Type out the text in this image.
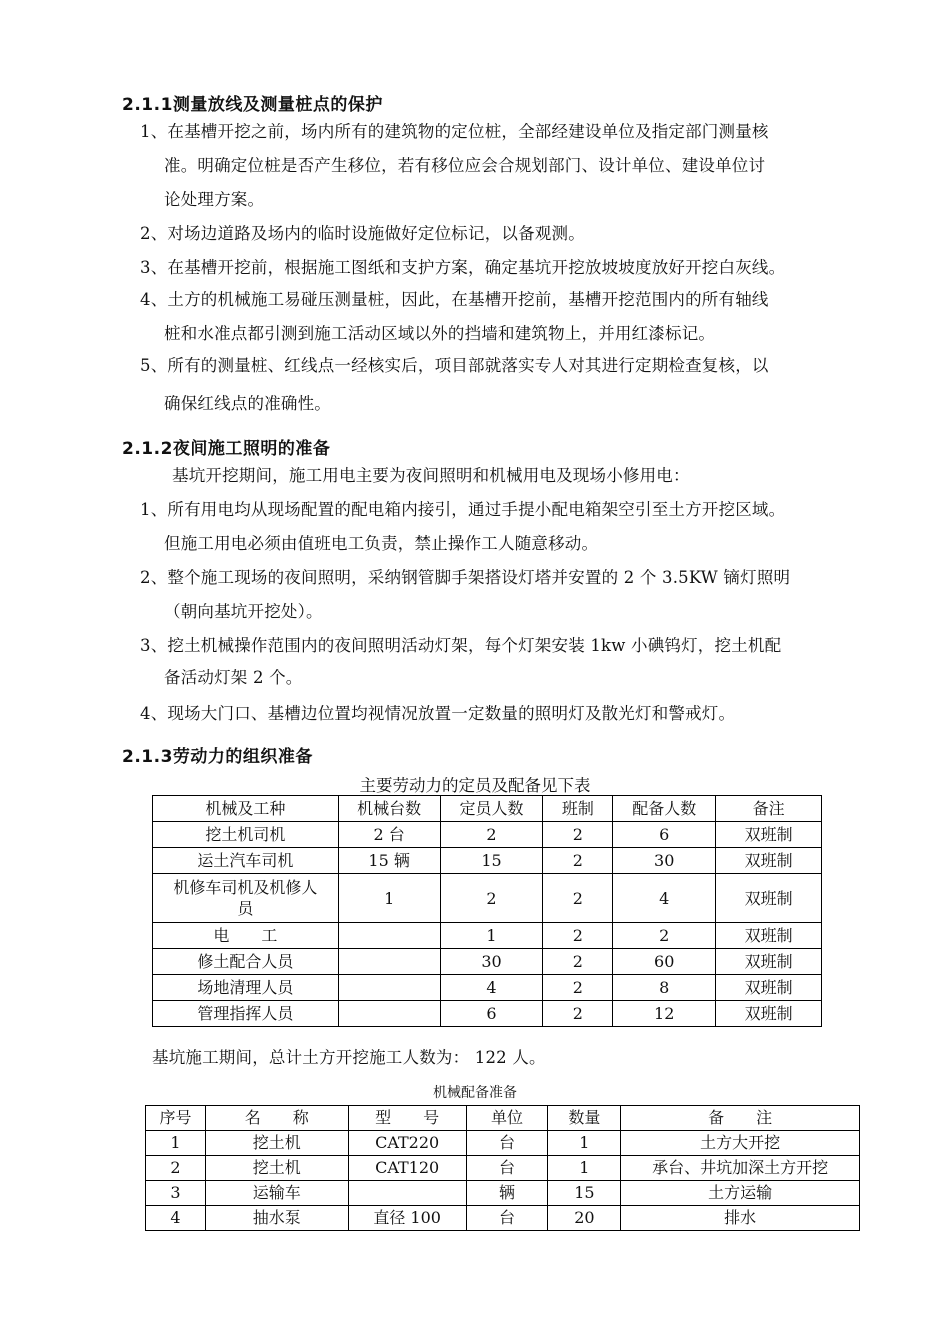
2.1.1测量放线及测量桩点的保护
1、在基槽开挖之前，场内所有的建筑物的定位桩，全部经建设单位及指定部门测量核
准。明确定位桩是否产生移位，若有移位应会合规划部门、设计单位、建设单位讨
论处理方案。
2、对场边道路及场内的临时设施做好定位标记，以备观测。
3、在基槽开挖前，根据施工图纸和支护方案，确定基坑开挖放坡坡度放好开挖白灰线。
4、土方的机械施工易碰压测量桩，因此，在基槽开挖前，基槽开挖范围内的所有轴线
桩和水准点都引测到施工活动区域以外的挡墙和建筑物上，并用红漆标记。
5、所有的测量桩、红线点一经核实后，项目部就落实专人对其进行定期检查复核，以
确保红线点的准确性。
2.1.2夜间施工照明的准备
基坑开挖期间，施工用电主要为夜间照明和机械用电及现场小修用电：
1、所有用电均从现场配置的配电箱内接引，通过手提小配电箱架空引至土方开挖区域。
但施工用电必须由值班电工负责，禁止操作工人随意移动。
2、整个施工现场的夜间照明，采纳钢管脚手架搭设灯塔并安置的 2 个 3.5KW 镝灯照明
（朝向基坑开挖处）。
3、挖土机械操作范围内的夜间照明活动灯架，每个灯架安装 1kw 小碘钨灯，挖土机配
备活动灯架 2 个。
4、现场大门口、基槽边位置均视情况放置一定数量的照明灯及散光灯和警戒灯。
2.1.3劳动力的组织准备
主要劳动力的定员及配备见下表
机械及工种	机械台数	定员人数	班制	配备人数	备注
挖土机司机	2 台	2	2	6	双班制
运土汽车司机	15 辆	15	2	30	双班制
机修车司机及机修人员	1	2	2	4	双班制
电　　工		1	2	2	双班制
修土配合人员		30	2	60	双班制
场地清理人员		4	2	8	双班制
管理指挥人员		6	2	12	双班制
基坑施工期间，总计土方开挖施工人数为： 122 人。
机械配备准备
序号	名　　称	型　　号	单位	数量	备　　注
1	挖土机	CAT220	台	1	土方大开挖
2	挖土机	CAT120	台	1	承台、井坑加深土方开挖
3	运输车		辆	15	土方运输
4	抽水泵	直径 100	台	20	排水
